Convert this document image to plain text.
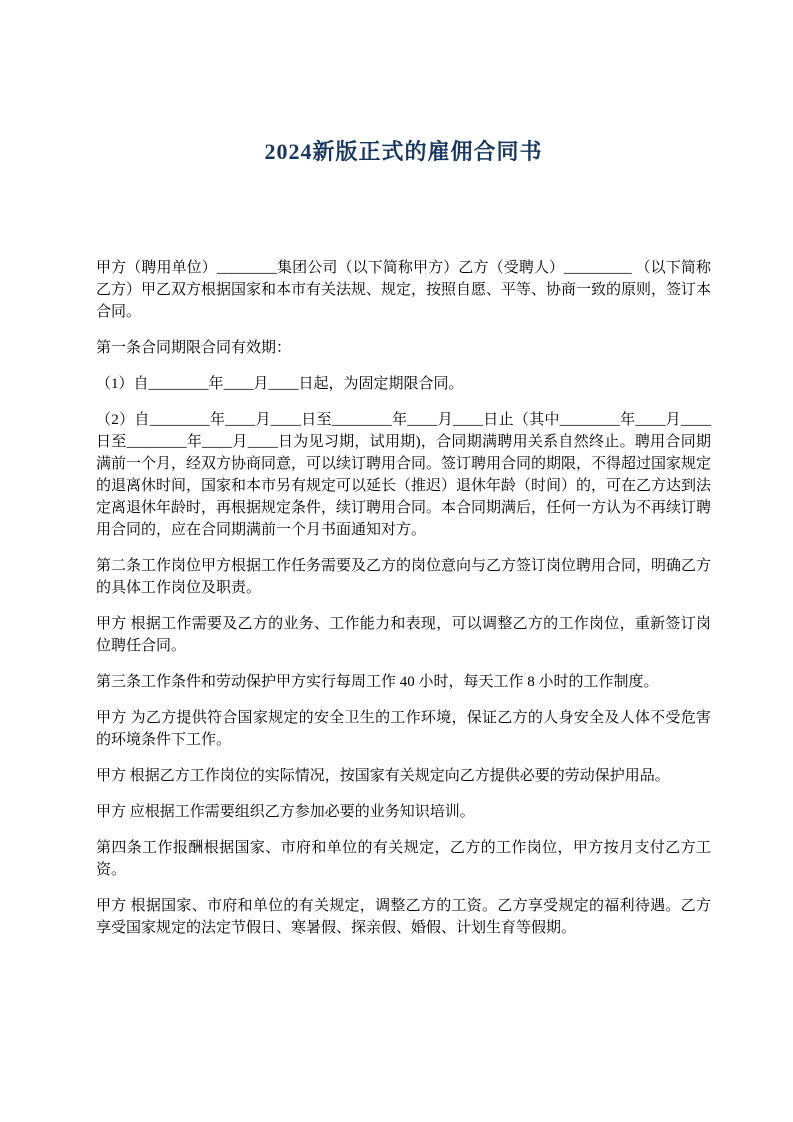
2024新版正式的雇佣合同书

甲方（聘用单位）________集团公司（以下简称甲方）乙方（受聘人）_________ （以下简称乙方）甲乙双方根据国家和本市有关法规、规定，按照自愿、平等、协商一致的原则，签订本合同。

第一条合同期限合同有效期：

（1）自________年____月____日起，为固定期限合同。

（2）自________年____月____日至________年____月____日止（其中________年____月____日至________年____月____日为见习期，试用期)，合同期满聘用关系自然终止。聘用合同期满前一个月，经双方协商同意，可以续订聘用合同。签订聘用合同的期限，不得超过国家规定的退离休时间，国家和本市另有规定可以延长（推迟）退休年龄（时间）的，可在乙方达到法定离退休年龄时，再根据规定条件，续订聘用合同。本合同期满后，任何一方认为不再续订聘用合同的，应在合同期满前一个月书面通知对方。

第二条工作岗位甲方根据工作任务需要及乙方的岗位意向与乙方签订岗位聘用合同，明确乙方的具体工作岗位及职责。

甲方 根据工作需要及乙方的业务、工作能力和表现，可以调整乙方的工作岗位，重新签订岗位聘任合同。

第三条工作条件和劳动保护甲方实行每周工作 40 小时，每天工作 8 小时的工作制度。

甲方 为乙方提供符合国家规定的安全卫生的工作环境，保证乙方的人身安全及人体不受危害的环境条件下工作。

甲方 根据乙方工作岗位的实际情况，按国家有关规定向乙方提供必要的劳动保护用品。

甲方 应根据工作需要组织乙方参加必要的业务知识培训。

第四条工作报酬根据国家、市府和单位的有关规定，乙方的工作岗位，甲方按月支付乙方工资。

甲方 根据国家、市府和单位的有关规定，调整乙方的工资。乙方享受规定的福利待遇。乙方享受国家规定的法定节假日、寒暑假、探亲假、婚假、计划生育等假期。
